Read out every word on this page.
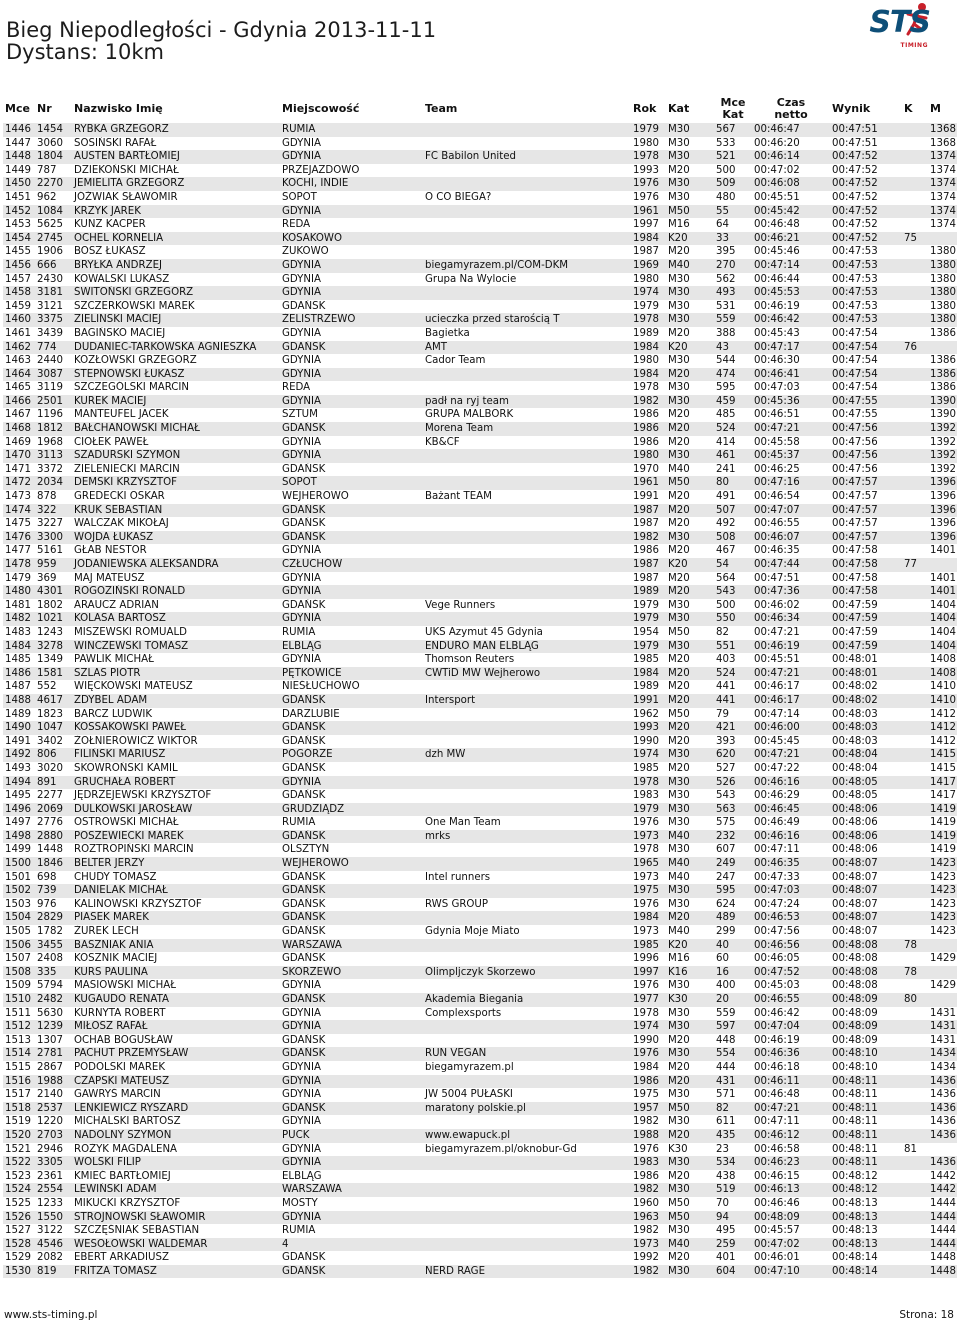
Bieg Niepodległości - Gdynia 2013-11-11
Dystans: 10km
STS
TIMING
Mce	Nr	Nazwisko Imię	Miejscowość	Team	Rok	Kat	Mce
Kat	Czas
netto	Wynik	K	M
1446	1454	RYBKA GRZEGORZ	RUMIA		1979	M30	567	00:46:47	00:47:51		1368
1447	3060	SOSIŃSKI RAFAŁ	GDYNIA		1980	M30	533	00:46:20	00:47:51		1368
1448	1804	AUSTEN BARTŁOMIEJ	GDYNIA	FC Babilon United	1978	M30	521	00:46:14	00:47:52		1374
1449	787	DZIEKOŃSKI MICHAŁ	PRZEJAZDOWO		1993	M20	500	00:47:02	00:47:52		1374
1450	2270	JEMIELITA GRZEGORZ	KOCHI, INDIE		1976	M30	509	00:46:08	00:47:52		1374
1451	962	JÓŹWIAK SŁAWOMIR	SOPOT	O CO BIEGA?	1976	M30	480	00:45:51	00:47:52		1374
1452	1084	KRZYK JAREK	GDYNIA		1961	M50	55	00:45:42	00:47:52		1374
1453	5625	KUNZ KACPER	REDA		1997	M16	64	00:46:48	00:47:52		1374
1454	2745	OCHEL KORNELIA	KOSAKOWO		1984	K20	33	00:46:21	00:47:52	75	
1455	1906	BOSZ ŁUKASZ	ŻUKOWO		1987	M20	395	00:45:46	00:47:53		1380
1456	666	BRYŁKA ANDRZEJ	GDYNIA	biegamyrazem.pl/COM-DKM	1969	M40	270	00:47:14	00:47:53		1380
1457	2430	KOWALSKI LUKASZ	GDYNIA	Grupa Na Wylocie	1980	M30	562	00:46:44	00:47:53		1380
1458	3181	ŚWITOŃSKI GRZEGORZ	GDYNIA		1974	M30	493	00:45:53	00:47:53		1380
1459	3121	SZCZERKOWSKI MAREK	GDAŃSK		1979	M30	531	00:46:19	00:47:53		1380
1460	3375	ZIELINSKI MACIEJ	ŻELISTRZEWO	ucieczka przed starością T	1978	M30	559	00:46:42	00:47:53		1380
1461	3439	BAGIŃSKO MACIEJ	GDYNIA	Bagietka	1989	M20	388	00:45:43	00:47:54		1386
1462	774	DUDANIEC-TARKOWSKA AGNIESZKA	GDAŃSK	AMT	1984	K20	43	00:47:17	00:47:54	76	
1463	2440	KOZŁOWSKI GRZEGORZ	GDYNIA	Cador Team	1980	M30	544	00:46:30	00:47:54		1386
1464	3087	STEPNOWSKI ŁUKASZ	GDYNIA		1984	M20	474	00:46:41	00:47:54		1386
1465	3119	SZCZEGÓLSKI MARCIN	REDA		1978	M30	595	00:47:03	00:47:54		1386
1466	2501	KUREK MACIEJ	GDYNIA	padł na ryj team	1982	M30	459	00:45:36	00:47:55		1390
1467	1196	MANTEUFEL JACEK	SZTUM	GRUPA MALBORK	1986	M20	485	00:46:51	00:47:55		1390
1468	1812	BAŁCHANOWSKI MICHAŁ	GDAŃSK	Morena Team	1986	M20	524	00:47:21	00:47:56		1392
1469	1968	CIOŁEK PAWEŁ	GDYNIA	KB&CF	1986	M20	414	00:45:58	00:47:56		1392
1470	3113	SZADURSKI SZYMON	GDYNIA		1980	M30	461	00:45:37	00:47:56		1392
1471	3372	ZIELENIECKI MARCIN	GDAŃSK		1970	M40	241	00:46:25	00:47:56		1392
1472	2034	DEMSKI KRZYSZTOF	SOPOT		1961	M50	80	00:47:16	00:47:57		1396
1473	878	GREDECKI OSKAR	WEJHEROWO	Bażant TEAM	1991	M20	491	00:46:54	00:47:57		1396
1474	322	KRUK SEBASTIAN	GDAŃSK		1987	M20	507	00:47:07	00:47:57		1396
1475	3227	WALCZAK MIKOŁAJ	GDAŃSK		1987	M20	492	00:46:55	00:47:57		1396
1476	3300	WOJDA ŁUKASZ	GDAŃSK		1982	M30	508	00:46:07	00:47:57		1396
1477	5161	GŁAB NESTOR	GDYNIA		1986	M20	467	00:46:35	00:47:58		1401
1478	959	JODANIEWSKA ALEKSANDRA	CZŁUCHÓW		1987	K20	54	00:47:44	00:47:58	77	
1479	369	MAJ MATEUSZ	GDYNIA		1987	M20	564	00:47:51	00:47:58		1401
1480	4301	ROGOZIŃSKI RONALD	GDYNIA		1989	M20	543	00:47:36	00:47:58		1401
1481	1802	ARAUCZ ADRIAN	GDAŃŚK	Vege Runners	1979	M30	500	00:46:02	00:47:59		1404
1482	1021	KOLASA BARTOSZ	GDYNIA		1979	M30	550	00:46:34	00:47:59		1404
1483	1243	MISZEWSKI ROMUALD	RUMIA	UKS Azymut 45 Gdynia	1954	M50	82	00:47:21	00:47:59		1404
1484	3278	WINCZEWSKI TOMASZ	ELBLĄG	ENDURO MAN ELBLĄG	1979	M30	551	00:46:19	00:47:59		1404
1485	1349	PAWLIK MICHAŁ	GDYNIA	Thomson Reuters	1985	M20	403	00:45:51	00:48:01		1408
1486	1581	SZLAS PIOTR	PĘTKOWICE	CWTiD MW Wejherowo	1984	M20	524	00:47:21	00:48:01		1408
1487	552	WIĘCKOWSKI MATEUSZ	NIEŚŁUCHOWO		1989	M20	441	00:46:17	00:48:02		1410
1488	4617	ZDYBEL ADAM	GDAŃSK	Intersport	1991	M20	441	00:46:17	00:48:02		1410
1489	1823	BARCZ LUDWIK	DARZLUBIE		1962	M50	79	00:47:14	00:48:03		1412
1490	1047	KOSSAKOWSKI PAWEŁ	GDAŃSK		1993	M20	421	00:46:00	00:48:03		1412
1491	3402	ŻOŁNIEROWICZ WIKTOR	GDAŃSK		1990	M20	393	00:45:45	00:48:03		1412
1492	806	FILIŃSKI MARIUSZ	POGÓRZE	dzh MW	1974	M30	620	00:47:21	00:48:04		1415
1493	3020	SKOWROŃSKI KAMIL	GDAŃSK		1985	M20	527	00:47:22	00:48:04		1415
1494	891	GRUCHAŁA ROBERT	GDYNIA		1978	M30	526	00:46:16	00:48:05		1417
1495	2277	JĘDRZEJEWSKI KRZYSZTOF	GDAŃSK		1983	M30	543	00:46:29	00:48:05		1417
1496	2069	DULKOWSKI JAROSŁAW	GRUDZIĄDZ		1979	M30	563	00:46:45	00:48:06		1419
1497	2776	OSTROWSKI MICHAŁ	RUMIA	One Man Team	1976	M30	575	00:46:49	00:48:06		1419
1498	2880	POSZEWIECKI MAREK	GDAŃSK	mrks	1973	M40	232	00:46:16	00:48:06		1419
1499	1448	ROZTROPIŃSKI MARCIN	OLSZTYN		1978	M30	607	00:47:11	00:48:06		1419
1500	1846	BELTER JERZY	WEJHEROWO		1965	M40	249	00:46:35	00:48:07		1423
1501	698	CHUDY TOMASZ	GDAŃSK	Intel runners	1973	M40	247	00:47:33	00:48:07		1423
1502	739	DANIELAK MICHAŁ	GDAŃSK		1975	M30	595	00:47:03	00:48:07		1423
1503	976	KALINOWSKI KRZYSZTOF	GDAŃSK	RWS GROUP	1976	M30	624	00:47:24	00:48:07		1423
1504	2829	PIASEK MAREK	GDAŃSK		1984	M20	489	00:46:53	00:48:07		1423
1505	1782	ŻUREK LECH	GDAŃSK	Gdynia Moje Miato	1973	M40	299	00:47:56	00:48:07		1423
1506	3455	BASZNIAK ANIA	WARSZAWA		1985	K20	40	00:46:56	00:48:08	78	
1507	2408	KOSZNIK MACIEJ	GDAŃSK		1996	M16	60	00:46:05	00:48:08		1429
1508	335	KURS PAULINA	SKORZEWO	Olimpljczyk Skorzewo	1997	K16	16	00:47:52	00:48:08	78	
1509	5794	MASIOWSKI MICHAŁ	GDYNIA		1976	M30	400	00:45:03	00:48:08		1429
1510	2482	KUGAUDO RENATA	GDAŃSK	Akademia Biegania	1977	K30	20	00:46:55	00:48:09	80	
1511	5630	KURNYTA ROBERT	GDYNIA	Complexsports	1978	M30	559	00:46:42	00:48:09		1431
1512	1239	MIŁOSZ RAFAŁ	GDYNIA		1974	M30	597	00:47:04	00:48:09		1431
1513	1307	OCHAB BOGUSŁAW	GDAŃSK		1990	M20	448	00:46:19	00:48:09		1431
1514	2781	PACHUT PRZEMYSŁAW	GDAŃSK	RUN VEGAN	1976	M30	554	00:46:36	00:48:10		1434
1515	2867	PODOLSKI MAREK	GDYNIA	biegamyrazem.pl	1984	M20	444	00:46:18	00:48:10		1434
1516	1988	CZAPSKI MATEUSZ	GDYNIA		1986	M20	431	00:46:11	00:48:11		1436
1517	2140	GAWRYŚ MARCIN	GDYNIA	JW 5004 PUŁASKI	1975	M30	571	00:46:48	00:48:11		1436
1518	2537	LENKIEWICZ RYSZARD	GDAŃSK	maratony polskie.pl	1957	M50	82	00:47:21	00:48:11		1436
1519	1220	MICHALSKI BARTOSZ	GDYNIA		1982	M30	611	00:47:11	00:48:11		1436
1520	2703	NADOLNY SZYMON	PUCK	www.ewapuck.pl	1988	M20	435	00:46:12	00:48:11		1436
1521	2946	ROŻYK MAGDALENA	GDYNIA	biegamyrazem.pl/oknobur-Gd	1976	K30	23	00:46:58	00:48:11	81	
1522	3305	WOLSKI FILIP	GDYNIA		1983	M30	534	00:46:23	00:48:11		1436
1523	2361	KMIEĆ BARTŁOMIEJ	ELBLĄG		1986	M20	438	00:46:15	00:48:12		1442
1524	2554	LEWIŃSKI ADAM	WARSZAWA		1982	M30	519	00:46:13	00:48:12		1442
1525	1233	MIKUCKI KRZYSZTOF	MOSTY		1960	M50	70	00:46:46	00:48:13		1444
1526	1550	STROJNOWSKI SŁAWOMIR	GDYNIA		1963	M50	94	00:48:09	00:48:13		1444
1527	3122	SZCZĘŚNIAK SEBASTIAN	RUMIA		1982	M30	495	00:45:57	00:48:13		1444
1528	4546	WESOŁOWSKI WALDEMAR	4		1973	M40	259	00:47:02	00:48:13		1444
1529	2082	EBERT ARKADIUSZ	GDAŃSK		1992	M20	401	00:46:01	00:48:14		1448
1530	819	FRITZA TOMASZ	GDAŃSK	NERD RAGE	1982	M30	604	00:47:10	00:48:14		1448
www.sts-timing.pl	Strona: 18
